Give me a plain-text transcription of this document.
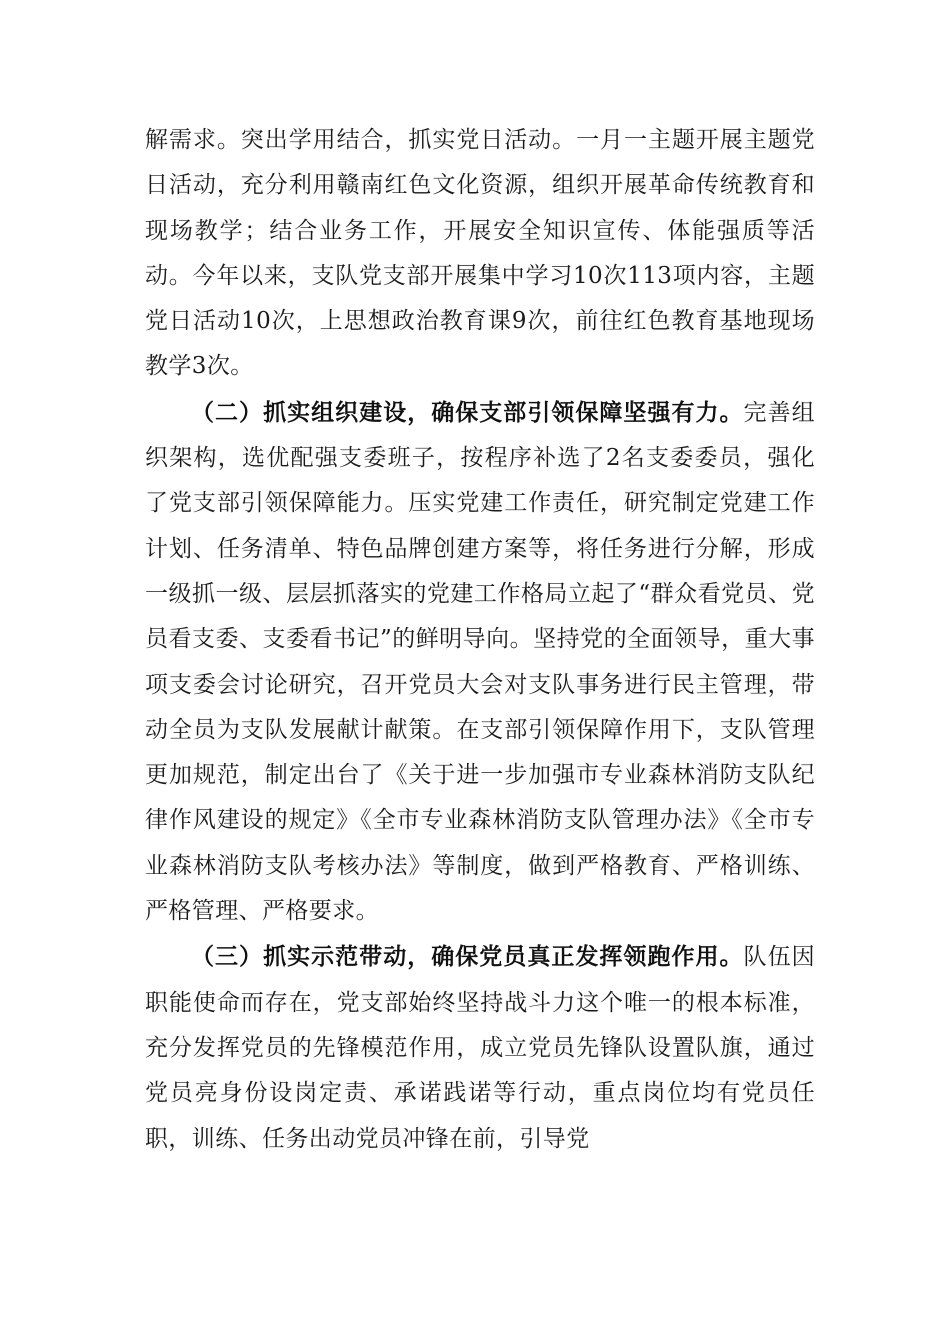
解需求。突出学用结合，抓实党日活动。一月一主题开展主题党日活动，充分利用赣南红色文化资源，组织开展革命传统教育和现场教学；结合业务工作，开展安全知识宣传、体能强质等活动。今年以来，支队党支部开展集中学习10次113项内容，主题党日活动10次，上思想政治教育课9次，前往红色教育基地现场教学3次。

（二）抓实组织建设，确保支部引领保障坚强有力。完善组织架构，选优配强支委班子，按程序补选了2名支委委员，强化了党支部引领保障能力。压实党建工作责任，研究制定党建工作计划、任务清单、特色品牌创建方案等，将任务进行分解，形成一级抓一级、层层抓落实的党建工作格局立起了“群众看党员、党员看支委、支委看书记”的鲜明导向。坚持党的全面领导，重大事项支委会讨论研究，召开党员大会对支队事务进行民主管理，带动全员为支队发展献计献策。在支部引领保障作用下，支队管理更加规范，制定出台了《关于进一步加强市专业森林消防支队纪律作风建设的规定》《全市专业森林消防支队管理办法》《全市专业森林消防支队考核办法》等制度，做到严格教育、严格训练、严格管理、严格要求。

（三）抓实示范带动，确保党员真正发挥领跑作用。队伍因职能使命而存在，党支部始终坚持战斗力这个唯一的根本标准，充分发挥党员的先锋模范作用，成立党员先锋队设置队旗，通过党员亮身份设岗定责、承诺践诺等行动，重点岗位均有党员任职，训练、任务出动党员冲锋在前，引导党
